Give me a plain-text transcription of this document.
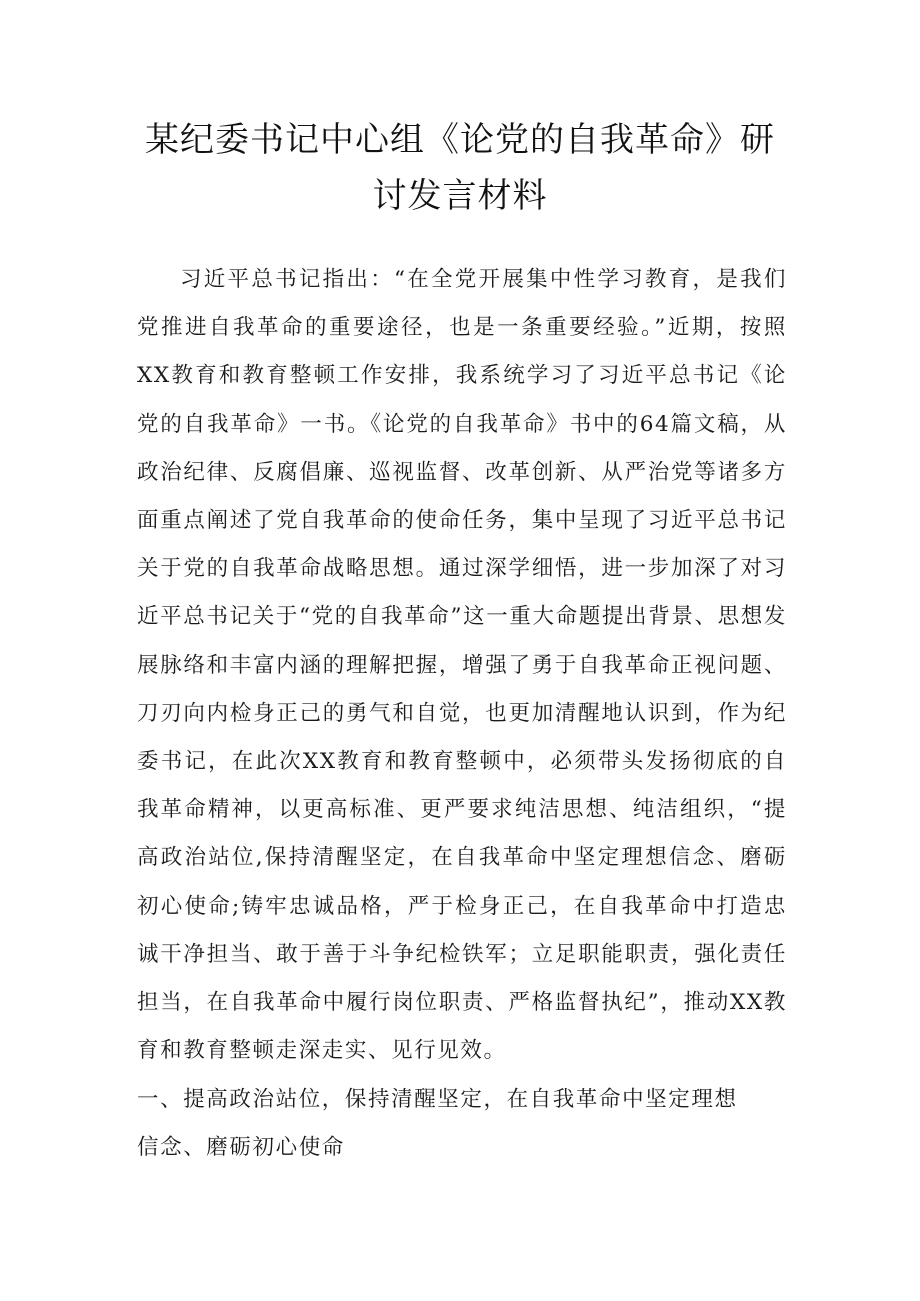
某纪委书记中心组《论党的自我革命》研
讨发言材料

习近平总书记指出：“在全党开展集中性学习教育，是我们党推进自我革命的重要途径，也是一条重要经验。”近期，按照XX教育和教育整顿工作安排，我系统学习了习近平总书记《论党的自我革命》一书。《论党的自我革命》书中的64篇文稿，从政治纪律、反腐倡廉、巡视监督、改革创新、从严治党等诸多方面重点阐述了党自我革命的使命任务，集中呈现了习近平总书记关于党的自我革命战略思想。通过深学细悟，进一步加深了对习近平总书记关于“党的自我革命”这一重大命题提出背景、思想发展脉络和丰富内涵的理解把握，增强了勇于自我革命正视问题、刀刃向内检身正己的勇气和自觉，也更加清醒地认识到，作为纪委书记，在此次XX教育和教育整顿中，必须带头发扬彻底的自我革命精神，以更高标准、更严要求纯洁思想、纯洁组织，“提高政治站位,保持清醒坚定，在自我革命中坚定理想信念、磨砺初心使命;铸牢忠诚品格，严于检身正己，在自我革命中打造忠诚干净担当、敢于善于斗争纪检铁军；立足职能职责，强化责任担当，在自我革命中履行岗位职责、严格监督执纪”，推动XX教育和教育整顿走深走实、见行见效。

一、提高政治站位，保持清醒坚定，在自我革命中坚定理想
信念、磨砺初心使命
